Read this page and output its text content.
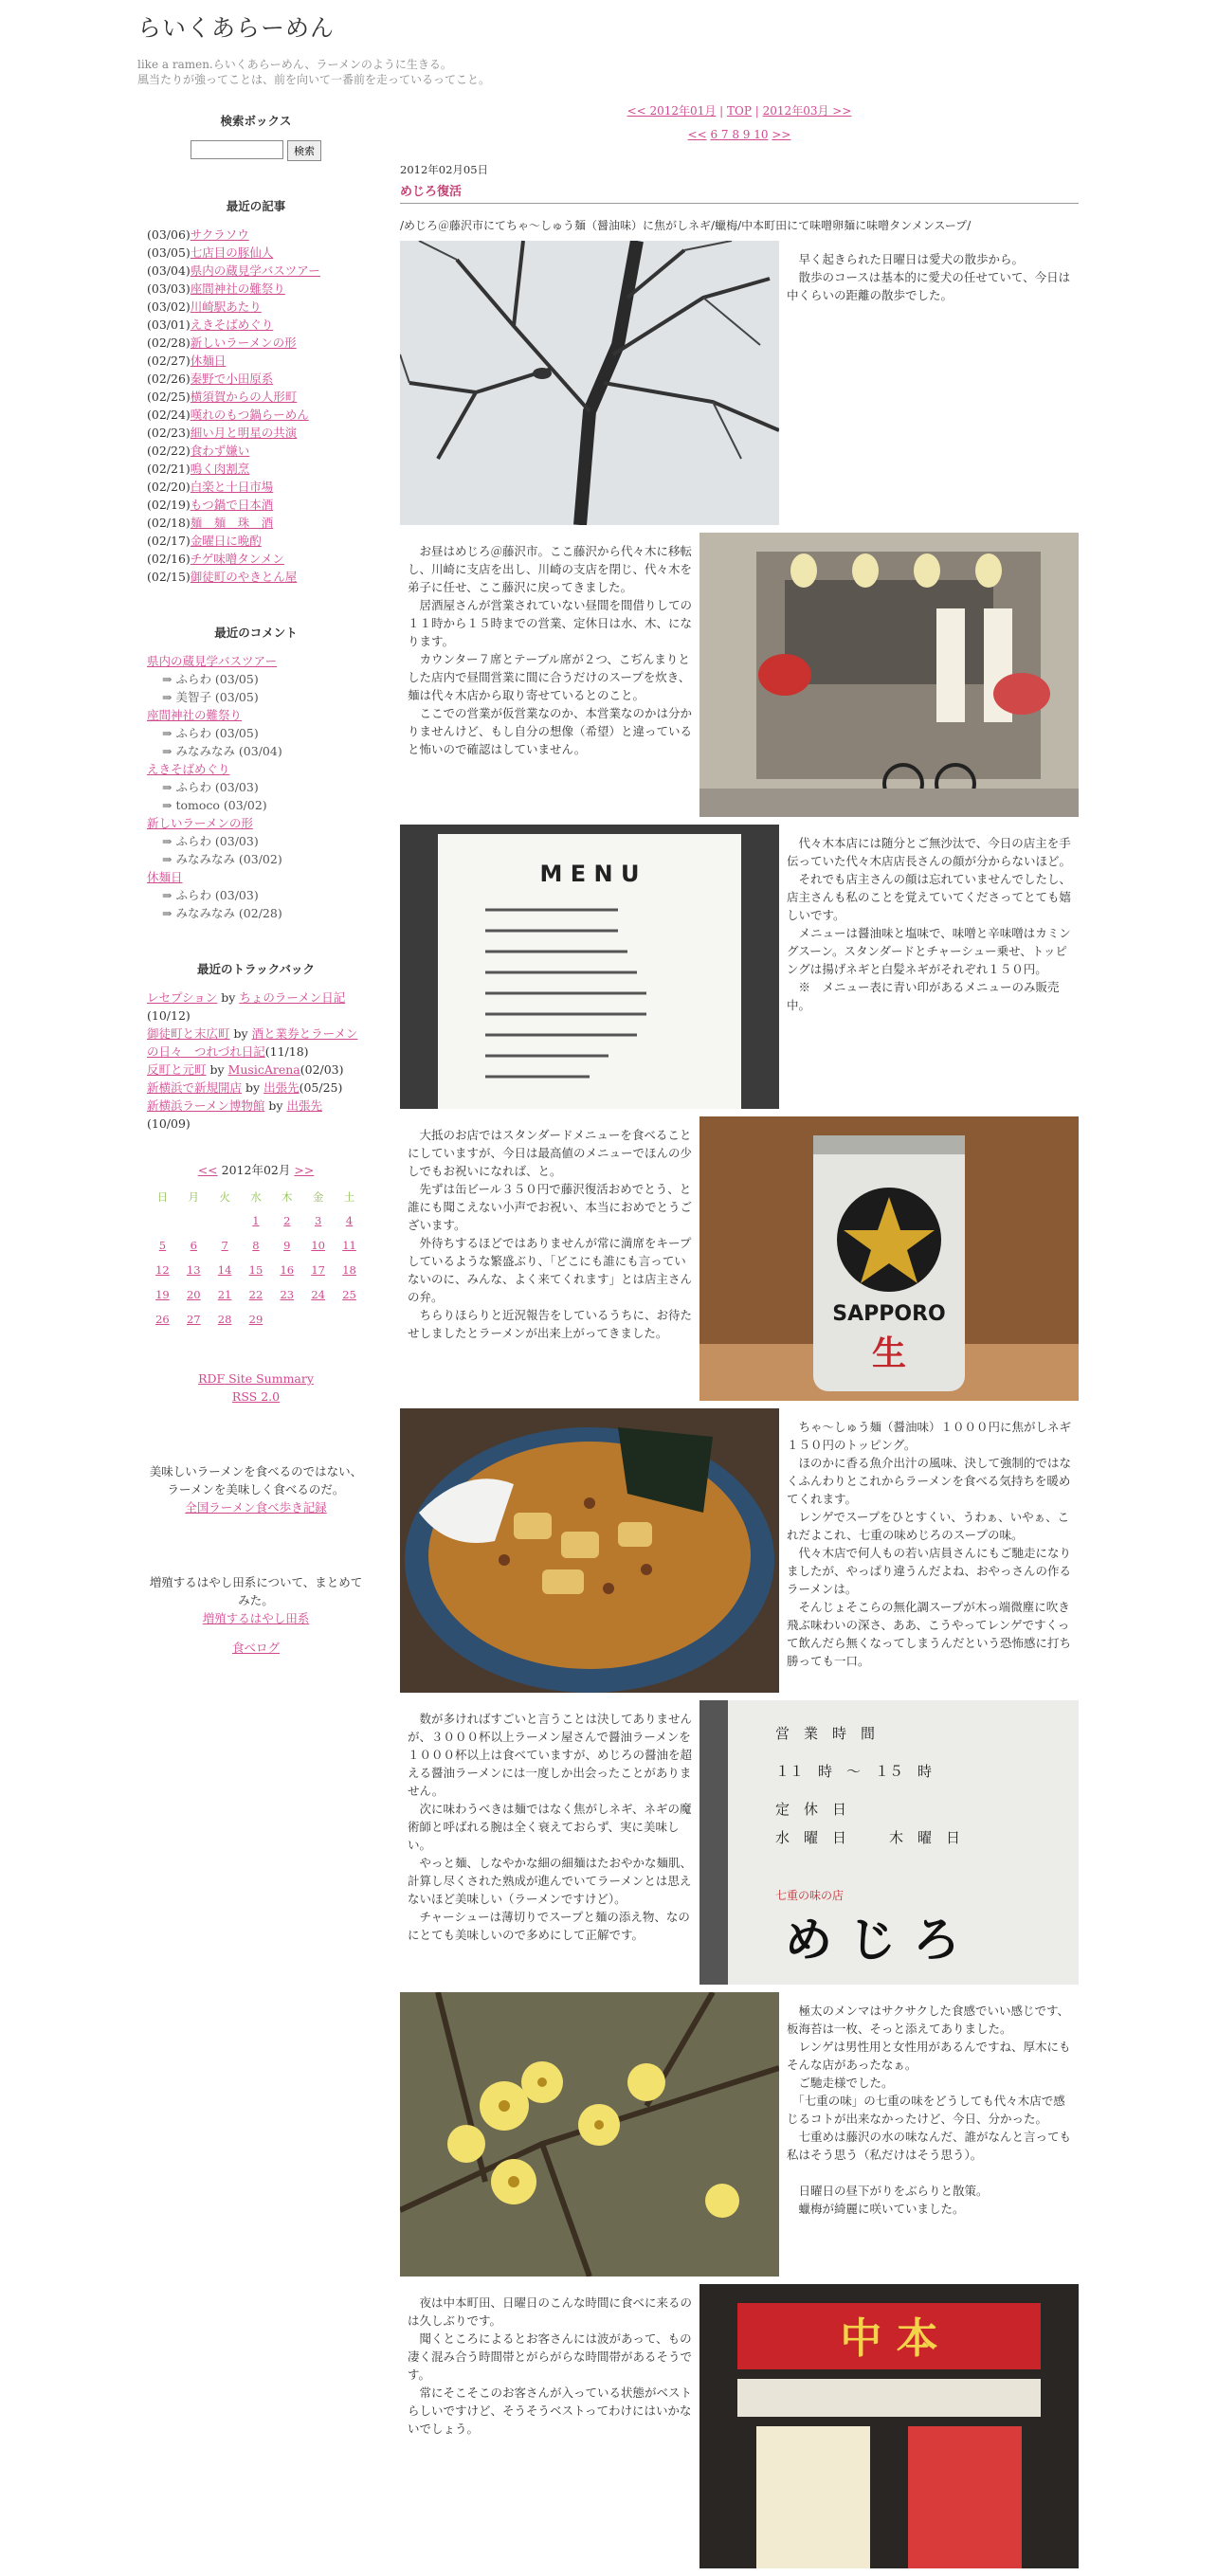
らいくあらーめん
like a ramen.らいくあらーめん、ラーメンのように生きる。
風当たりが強ってことは、前を向いて一番前を走っているってこと。
検索ボックス
検索
最近の記事
(03/06)サクラソウ
(03/05)七店目の豚仙人
(03/04)県内の蔵見学バスツアー
(03/03)座間神社の難祭り
(03/02)川崎駅あたり
(03/01)えきそばめぐり
(02/28)新しいラーメンの形
(02/27)休麺日
(02/26)秦野で小田原系
(02/25)横須賀からの人形町
(02/24)嘆れのもつ鍋らーめん
(02/23)細い月と明星の共演
(02/22)食わず嫌い
(02/21)鳴く肉割烹
(02/20)白楽と十日市場
(02/19)もつ鍋で日本酒
(02/18)麺　麺　珠　酒
(02/17)金曜日に晩酌
(02/16)チゲ味噌タンメン
(02/15)御徒町のやきとん屋
最近のコメント
県内の蔵見学バスツアー
⇒ ふらわ (03/05)
⇒ 美智子 (03/05)
座間神社の難祭り
⇒ ふらわ (03/05)
⇒ みなみなみ (03/04)
えきそばめぐり
⇒ ふらわ (03/03)
⇒ tomoco (03/02)
新しいラーメンの形
⇒ ふらわ (03/03)
⇒ みなみなみ (03/02)
休麺日
⇒ ふらわ (03/03)
⇒ みなみなみ (02/28)
最近のトラックバック
レセプション by ちょのラーメン日記(10/12)
御徒町と末広町 by 酒と業券とラーメンの日々　つれづれ日記(11/18)
反町と元町 by MusicArena(02/03)
新横浜で新規開店 by 出張先(05/25)
新横浜ラーメン博物館 by 出張先(10/09)
<< 2012年02月 >>
日	月	火	水	木	金	土
			1	2	3	4
5	6	7	8	9	10	11
12	13	14	15	16	17	18
19	20	21	22	23	24	25
26	27	28	29			
RDF Site Summary
RSS 2.0
美味しいラーメンを食べるのではない、
ラーメンを美味しく食べるのだ。
全国ラーメン食べ歩き記録
増殖するはやし田系について、まとめて
みた。
増殖するはやし田系
食べログ
<< 2012年01月 | TOP | 2012年03月 >>
<< 6 7 8 9 10 >>
2012年02月05日
めじろ復活
/めじろ＠藤沢市にてちゃ～しゅう麺（醤油味）に焦がしネギ/蠟梅/中本町田にて味噌卵麺に味噌タンメンスープ/
　早く起きられた日曜日は愛犬の散歩から。
　散歩のコースは基本的に愛犬の任せていて、今日は中くらいの距離の散歩でした。
　お昼はめじろ＠藤沢市。ここ藤沢から代々木に移転し、川崎に支店を出し、川崎の支店を閉じ、代々木を弟子に任せ、ここ藤沢に戻ってきました。
　居酒屋さんが営業されていない昼間を間借りしての１１時から１５時までの営業、定休日は水、木、になります。
　カウンター７席とテーブル席が２つ、こぢんまりとした店内で昼間営業に間に合うだけのスープを炊き、麺は代々木店から取り寄せているとのこと。
　ここでの営業が仮営業なのか、本営業なのかは分かりませんけど、もし自分の想像（希望）と違っていると怖いので確認はしていません。
M E N U
　代々木本店には随分とご無沙汰で、今日の店主を手伝っていた代々木店店長さんの顔が分からないほど。
　それでも店主さんの顔は忘れていませんでしたし、店主さんも私のことを覚えていてくださってとても嬉しいです。
　メニューは醤油味と塩味で、味噌と辛味噌はカミングスーン。スタンダードとチャーシュー乗せ、トッピングは揚げネギと白髪ネギがそれぞれ１５０円。
　※　メニュー表に青い印があるメニューのみ販売中。
　大抵のお店ではスタンダードメニューを食べることにしていますが、今日は最高値のメニューでほんの少しでもお祝いになれば、と。
　先ずは缶ビール３５０円で藤沢復活おめでとう、と誰にも聞こえない小声でお祝い、本当におめでとうございます。
　外待ちするほどではありませんが常に満席をキープしているような繁盛ぶり、「どこにも誰にも言っていないのに、みんな、よく来てくれます」とは店主さんの弁。
　ちらりほらりと近況報告をしているうちに、お待たせしましたとラーメンが出来上がってきました。
SAPPORO
生
　ちゃ～しゅう麺（醤油味）１０００円に焦がしネギ１５０円のトッピング。
　ほのかに香る魚介出汁の風味、決して強制的ではなくふんわりとこれからラーメンを食べる気持ちを暖めてくれます。
　レンゲでスープをひとすくい、うわぁ、いやぁ、これだよこれ、七重の味めじろのスープの味。
　代々木店で何人もの若い店員さんにもご馳走になりましたが、やっぱり違うんだよね、おやっさんの作るラーメンは。
　そんじょそこらの無化調スープが木っ端微塵に吹き飛ぶ味わいの深さ、ああ、こうやってレンゲですくって飲んだら無くなってしまうんだという恐怖感に打ち勝っても一口。
　数が多ければすごいと言うことは決してありませんが、３０００杯以上ラーメン屋さんで醤油ラーメンを１０００杯以上は食べていますが、めじろの醤油を超える醤油ラーメンには一度しか出会ったことがありません。
　次に味わうべきは麺ではなく焦がしネギ、ネギの魔術師と呼ばれる腕は全く衰えておらず、実に美味しい。
　やっと麺、しなやかな細の細麺はたおやかな麺肌、計算し尽くされた熟成が進んでいてラーメンとは思えないほど美味しい（ラーメンですけど）。
　チャーシューは薄切りでスープと麺の添え物、なのにとても美味しいので多めにして正解です。
営　業　時　間
１１　時　～　１５　時
定　休　日
水　曜　日　　　木　曜　日
七重の味の店
め じ ろ
　極太のメンマはサクサクした食感でいい感じです、板海苔は一枚、そっと添えてありました。
　レンゲは男性用と女性用があるんですね、厚木にもそんな店があったなぁ。
　ご馳走様でした。
　「七重の味」の七重の味をどうしても代々木店で感じるコトが出来なかったけど、今日、分かった。
　七重めは藤沢の水の味なんだ、誰がなんと言っても私はそう思う（私だけはそう思う）。

　日曜日の昼下がりをぶらりと散策。
　蠟梅が綺麗に咲いていました。
　夜は中本町田、日曜日のこんな時間に食べに来るのは久しぶりです。
　聞くところによるとお客さんには波があって、もの凄く混み合う時間帯とがらがらな時間帯があるそうです。
　常にそこそこのお客さんが入っている状態がベストらしいですけど、そうそうベストってわけにはいかないでしょう。
中 本
